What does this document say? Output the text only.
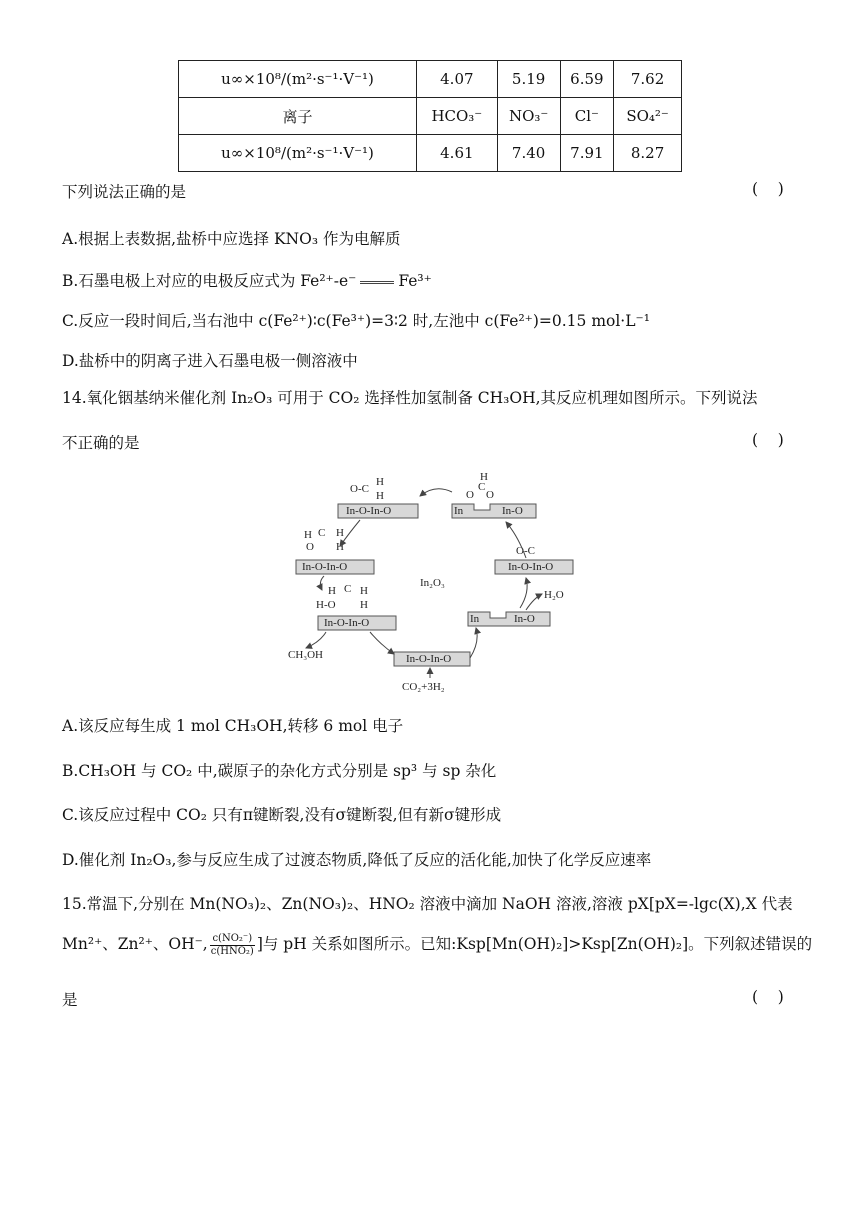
u∞×10⁸/(m²·s⁻¹·V⁻¹)	4.07	5.19	6.59	7.62
离子	HCO₃⁻	NO₃⁻	Cl⁻	SO₄²⁻
u∞×10⁸/(m²·s⁻¹·V⁻¹)	4.61	7.40	7.91	8.27
下列说法正确的是	(    )
A.根据上表数据,盐桥中应选择 KNO₃ 作为电解质
B.石墨电极上对应的电极反应式为 Fe²⁺-e⁻	Fe³⁺
C.反应一段时间后,当右池中 c(Fe²⁺)∶c(Fe³⁺)=3∶2 时,左池中 c(Fe²⁺)=0.15 mol·L⁻¹
D.盐桥中的阴离子进入石墨电极一侧溶液中
14.氧化铟基纳米催化剂 In₂O₃ 可用于 CO₂ 选择性加氢制备 CH₃OH,其反应机理如图所示。下列说法
不正确的是	(    )
In-O-In-O
O-C
H
H
In	In-O
H
C
O O
In-O-In-O
H C H
O H
In-O-In-O
O-C
In₂O₃
H C H
H-O H
In-O-In-O	In	In-O
H₂O
CH₃OH	In-O-In-O
CO₂+3H₂
A.该反应每生成 1 mol CH₃OH,转移 6 mol 电子
B.CH₃OH 与 CO₂ 中,碳原子的杂化方式分别是 sp³ 与 sp 杂化
C.该反应过程中 CO₂ 只有π键断裂,没有σ键断裂,但有新σ键形成
D.催化剂 In₂O₃,参与反应生成了过渡态物质,降低了反应的活化能,加快了化学反应速率
15.常温下,分别在 Mn(NO₃)₂、Zn(NO₃)₂、HNO₂ 溶液中滴加 NaOH 溶液,溶液 pX[pX=-lgc(X),X 代表
Mn²⁺、Zn²⁺、OH⁻, $\frac{\text{c(NO₂⁻)}}{\text{c(HNO₂)}}$ ]与 pH 关系如图所示。已知:Ksp[Mn(OH)₂]>Ksp[Zn(OH)₂]。下列叙述错误的
是	(    )
